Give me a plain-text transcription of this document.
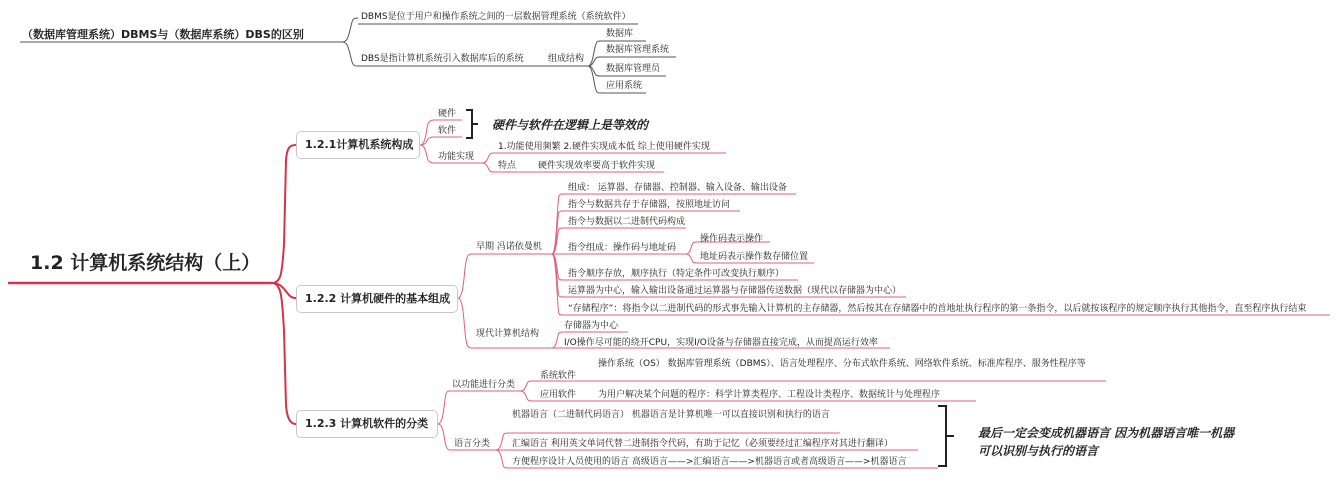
（数据库管理系统）DBMS与（数据库系统）DBS的区别
DBMS是位于用户和操作系统之间的一层数据管理系统（系统软件）
DBS是指计算机系统引入数据库后的系统	组成结构
数据库
数据库管理系统
数据库管理员
应用系统
1.2 计算机系统结构（上）
1.2.1计算机系统构成
硬件
软件	硬件与软件在逻辑上是等效的
功能实现
1.功能使用频繁 2.硬件实现成本低 综上使用硬件实现
特点 硬件实现效率要高于软件实现
1.2.2 计算机硬件的基本组成
早期 冯诺依曼机
组成： 运算器、存储器、控制器、输入设备、输出设备
指令与数据共存于存储器，按照地址访问
指令与数据以二进制代码构成
指令组成：操作码与地址码
操作码表示操作
地址码表示操作数存储位置
指令顺序存放，顺序执行（特定条件可改变执行顺序）
运算器为中心，输入输出设备通过运算器与存储器传送数据（现代以存储器为中心）
“存储程序”：将指令以二进制代码的形式事先输入计算机的主存储器，然后按其在存储器中的首地址执行程序的第一条指令，以后就按该程序的规定顺序执行其他指令，直至程序执行结束
现代计算机结构
存储器为中心
I/O操作尽可能的绕开CPU，实现I/O设备与存储器直接完成，从而提高运行效率
1.2.3 计算机软件的分类
以功能进行分类
系统软件
操作系统（OS） 数据库管理系统（DBMS）、语言处理程序、分布式软件系统、网络软件系统、标准库程序、服务性程序等
应用软件 为用户解决某个问题的程序：科学计算类程序、工程设计类程序、数据统计与处理程序
语言分类
机器语言（二进制代码语言） 机器语言是计算机唯一可以直接识别和执行的语言
汇编语言 利用英文单词代替二进制指令代码，有助于记忆（必须要经过汇编程序对其进行翻译）
方便程序设计人员使用的语言 高级语言——>汇编语言——>机器语言或者高级语言——>机器语言
最后一定会变成机器语言 因为机器语言唯一机器可以识别与执行的语言
